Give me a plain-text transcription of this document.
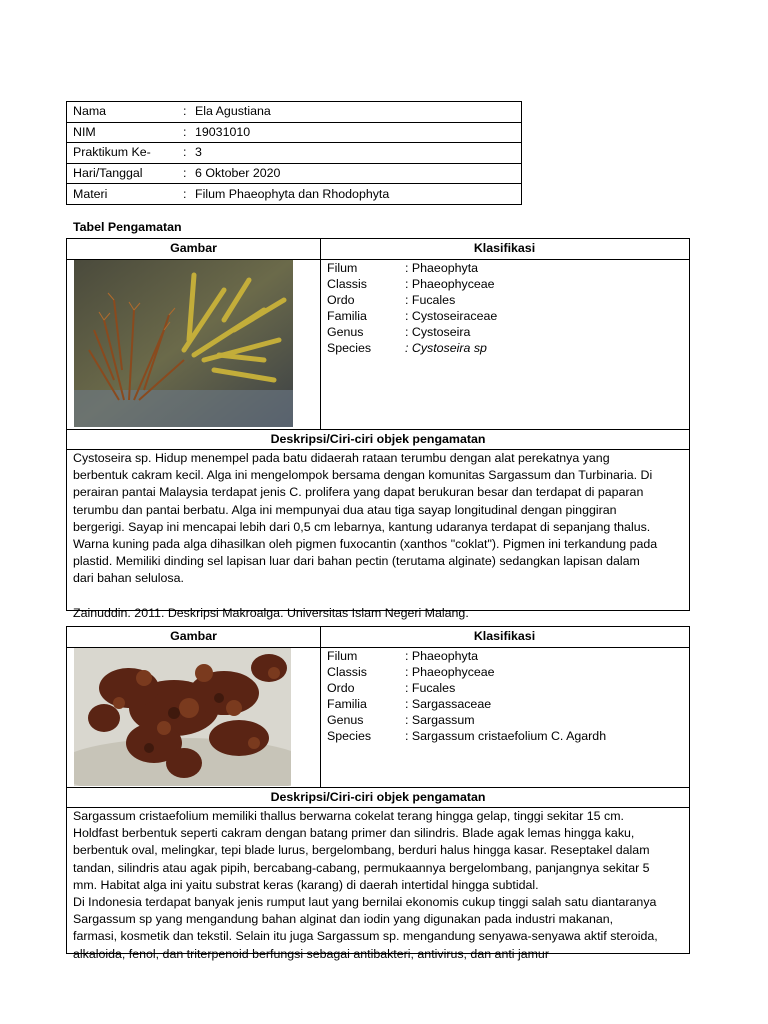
Nama	:	Ela Agustiana
NIM	:	19031010
Praktikum Ke-	:	3
Hari/Tanggal	:	6 Oktober 2020
Materi	:	Filum Phaeophyta dan Rhodophyta
Tabel Pengamatan
Gambar	Klasifikasi
Filum	: Phaeophyta
Classis	: Phaeophyceae
Ordo	: Fucales
Familia	: Cystoseiraceae
Genus	: Cystoseira
Species	: Cystoseira sp
Deskripsi/Ciri-ciri objek pengamatan

Cystoseira sp. Hidup menempel pada batu didaerah rataan terumbu dengan alat perekatnya yang

berbentuk cakram kecil. Alga ini mengelompok bersama dengan komunitas Sargassum dan Turbinaria. Di

perairan pantai Malaysia terdapat jenis C. prolifera yang dapat berukuran besar dan terdapat di paparan

terumbu dan pantai berbatu. Alga ini mempunyai dua atau tiga sayap longitudinal dengan pinggiran

bergerigi. Sayap ini mencapai lebih dari 0,5 cm lebarnya, kantung udaranya terdapat di sepanjang thalus.

Warna kuning pada alga dihasilkan oleh pigmen fuxocantin (xanthos "coklat"). Pigmen ini terkandung pada

plastid. Memiliki dinding sel lapisan luar dari bahan pectin (terutama alginate) sedangkan lapisan dalam

dari bahan selulosa.

Zainuddin. 2011. Deskripsi Makroalga. Universitas Islam Negeri Malang.

Gambar	Klasifikasi
Filum	: Phaeophyta
Classis	: Phaeophyceae
Ordo	: Fucales
Familia	: Sargassaceae
Genus	: Sargassum
Species	: Sargassum cristaefolium C. Agardh
Deskripsi/Ciri-ciri objek pengamatan

Sargassum cristaefolium memiliki thallus berwarna cokelat terang hingga gelap, tinggi sekitar 15 cm.

Holdfast berbentuk seperti cakram dengan batang primer dan silindris. Blade agak lemas hingga kaku,

berbentuk oval, melingkar, tepi blade lurus, bergelombang, berduri halus hingga kasar. Reseptakel dalam

tandan, silindris atau agak pipih, bercabang-cabang, permukaannya bergelombang, panjangnya sekitar 5

mm. Habitat alga ini yaitu substrat keras (karang) di daerah intertidal hingga subtidal.

Di Indonesia terdapat banyak jenis rumput laut yang bernilai ekonomis cukup tinggi salah satu diantaranya

Sargassum sp yang mengandung bahan alginat dan iodin yang digunakan pada industri makanan,

farmasi, kosmetik dan tekstil. Selain itu juga Sargassum sp. mengandung senyawa-senyawa aktif steroida,

alkaloida, fenol, dan triterpenoid berfungsi sebagai antibakteri, antivirus, dan anti jamur
